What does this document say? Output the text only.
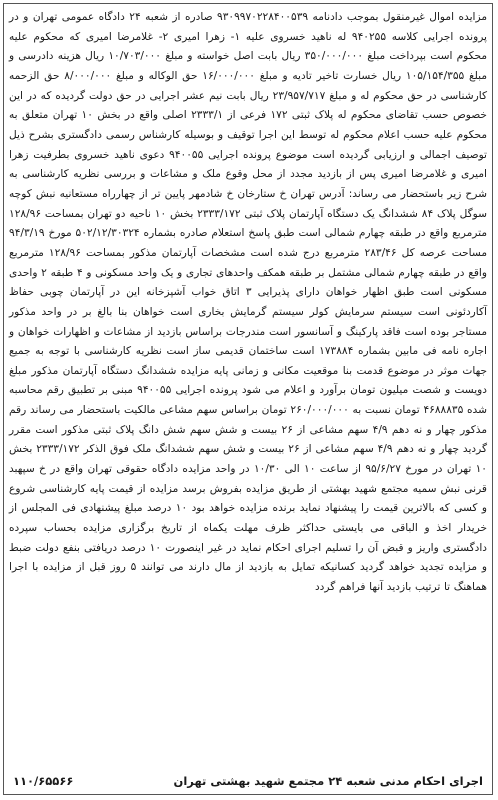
مزایده اموال غیرمنقول بموجب دادنامه ۹۳۰۹۹۷۰۲۲۸۴۰۰۵۳۹ صادره از شعبه ۲۴ دادگاه عمومی تهران و در پرونده اجرایی کلاسه ۹۴۰۲۵۵ له ناهید خسروی علیه ۱- زهرا امیری ۲- غلامرضا امیری که محکوم علیه محکوم است بپرداخت مبلغ ۳۵۰/۰۰۰/۰۰۰ ریال بابت اصل خواسته و مبلغ ۱۰/۷۰۳/۰۰۰ ریال هزینه دادرسی و مبلغ ۱۰۵/۱۵۴/۳۵۵ ریال خسارت تاخیر تادیه و مبلغ ۱۶/۰۰۰/۰۰۰ حق الوکاله و مبلغ ۸/۰۰۰/۰۰۰ حق الزحمه کارشناسی در حق محکوم له و مبلغ ۲۳/۹۵۷/۷۱۷ ریال بابت نیم عشر اجرایی در حق دولت گردیده که در این خصوص حسب تقاضای محکوم له پلاک ثبتی ۱۷۲ فرعی از ۲۳۳۳/۱ اصلی واقع در بخش ۱۰ تهران متعلق به محکوم علیه حسب اعلام محکوم له توسط این اجرا توقیف و بوسیله کارشناس رسمی دادگستری بشرح ذیل توصیف اجمالی و ارزیابی گردیده است موضوع پرونده اجرایی ۹۴۰۰۵۵ دعوی ناهید خسروی بطرفیت زهرا امیری و غلامرضا امیری پس از بازدید مجدد از محل وقوع ملک و مشاعات و بررسی نظریه کارشناسی به شرح زیر باستحضار می رساند: آدرس تهران خ ستارخان خ شادمهر پایین تر از چهارراه مستعانیه نبش کوچه سوگل پلاک ۸۴ ششدانگ یک دستگاه آپارتمان پلاک ثبتی ۲۳۳۳/۱۷۲ بخش ۱۰ ناحیه دو تهران بمساحت ۱۲۸/۹۶ مترمربع واقع در طبقه چهارم شمالی است طبق پاسخ استعلام صادره بشماره ۵۰۲/۱۲/۳۰۳۲۴ مورخ ۹۴/۳/۱۹ مساحت عرصه کل ۲۸۳/۴۶ مترمربع درج شده است مشخصات آپارتمان مذکور بمساحت ۱۲۸/۹۶ مترمربع واقع در طبقه چهارم شمالی مشتمل بر طبقه همکف واحدهای تجاری و یک واحد مسکونی و ۴ طبقه ۲ واحدی مسکونی است طبق اظهار خواهان دارای پذیرایی ۳ اتاق خواب آشپزخانه این در آپارتمان چوبی حفاظ آکاردئونی است سیستم سرمایش کولر سیستم گرمایش بخاری است خواهان بنا بالغ بر در واحد مذکور مستاجر بوده است فاقد پارکینگ و آسانسور است مندرجات براساس بازدید از مشاعات و اظهارات خواهان و اجاره نامه فی مابین بشماره ۱۷۳۸۸۴ است ساختمان قدیمی ساز است نظریه کارشناسی با توجه به جمیع جهات موثر در موضوع قدمت بنا موقعیت مکانی و زمانی پایه مزایده ششدانگ دستگاه آپارتمان مذکور مبلغ دویست و شصت میلیون تومان برآورد و اعلام می شود پرونده اجرایی ۹۴۰۰۵۵ مبنی بر تطبیق رقم محاسبه شده ۴۶۸۸۸۳۵ تومان نسبت به ۲۶۰/۰۰۰/۰۰۰ تومان براساس سهم مشاعی مالکیت باستحضار می رساند رقم مذکور چهار و نه دهم ۴/۹ سهم مشاعی از ۲۶ بیست و شش سهم شش دانگ پلاک ثبتی مذکور است مقرر گردید چهار و نه دهم ۴/۹ سهم مشاعی از ۲۶ بیست و شش سهم ششدانگ ملک فوق الذکر ۲۳۳۳/۱۷۲ بخش ۱۰ تهران در مورخ ۹۵/۶/۲۷ از ساعت ۱۰ الی ۱۰/۳۰ در واحد مزایده دادگاه حقوقی تهران واقع در خ سپهبد قرنی نبش سمیه مجتمع شهید بهشتی از طریق مزایده بفروش برسد مزایده از قیمت پایه کارشناسی شروع و کسی که بالاترین قیمت را پیشنهاد نماید برنده مزایده خواهد بود ۱۰ درصد مبلغ پیشنهادی فی المجلس از خریدار اخذ و الباقی می بایستی حداکثر ظرف مهلت یکماه از تاریخ برگزاری مزایده بحساب سپرده دادگستری واریز و قبض آن را تسلیم اجرای احکام نماید در غیر اینصورت ۱۰ درصد دریافتی بنفع دولت ضبط و مزایده تجدید خواهد گردید کسانیکه تمایل به بازدید از مال دارند می توانند ۵ روز قبل از مزایده با اجرا هماهنگ تا ترتیب بازدید آنها فراهم گردد

اجرای احکام مدنی شعبه ۲۴ مجتمع شهید بهشتی تهران
۱۱۰/۶۵۵۶۶
